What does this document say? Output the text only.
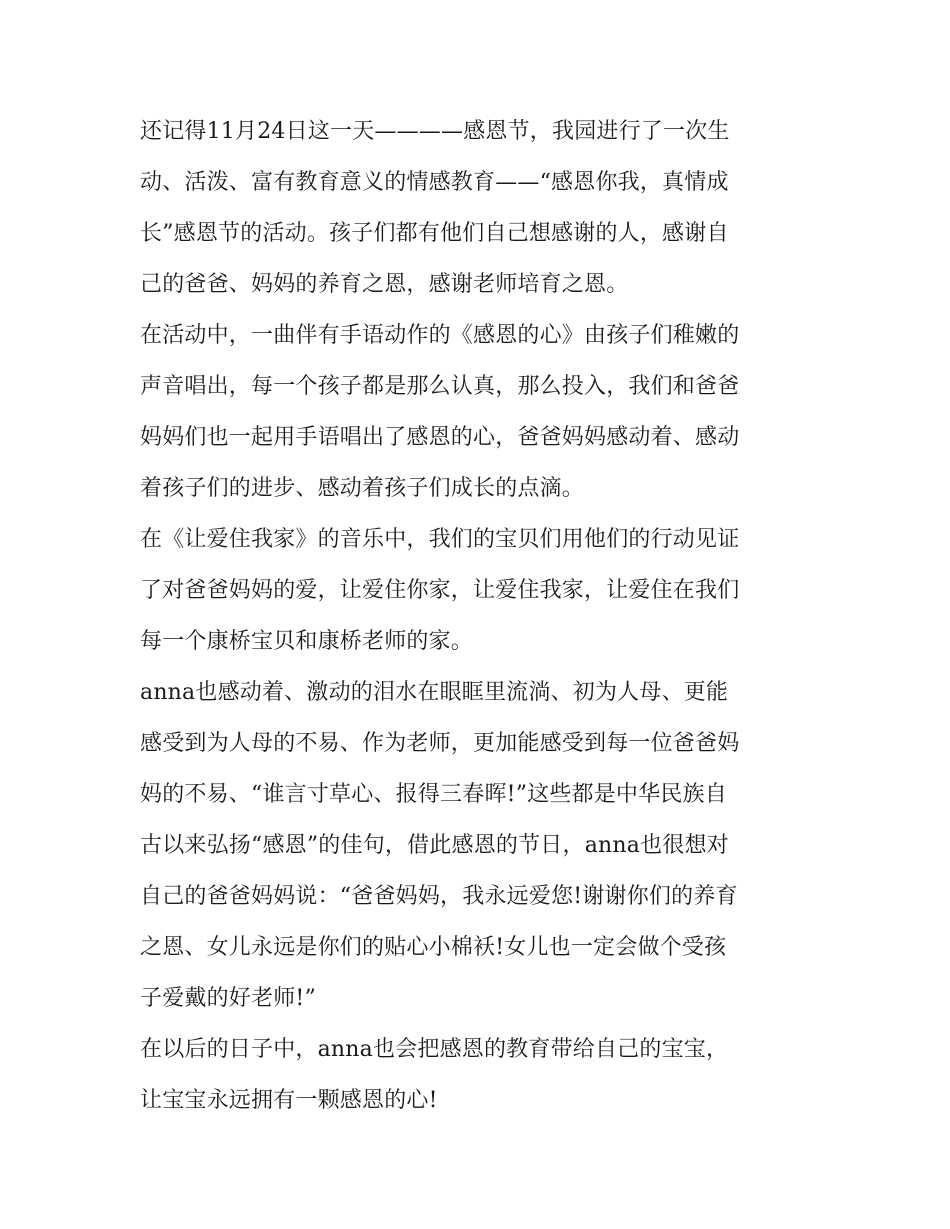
还记得11月24日这一天————感恩节，我园进行了一次生
动、活泼、富有教育意义的情感教育——“感恩你我，真情成
长”感恩节的活动。孩子们都有他们自己想感谢的人，感谢自
己的爸爸、妈妈的养育之恩，感谢老师培育之恩。
在活动中，一曲伴有手语动作的《感恩的心》由孩子们稚嫩的
声音唱出，每一个孩子都是那么认真，那么投入，我们和爸爸
妈妈们也一起用手语唱出了感恩的心，爸爸妈妈感动着、感动
着孩子们的进步、感动着孩子们成长的点滴。
在《让爱住我家》的音乐中，我们的宝贝们用他们的行动见证
了对爸爸妈妈的爱，让爱住你家，让爱住我家，让爱住在我们
每一个康桥宝贝和康桥老师的家。
anna也感动着、激动的泪水在眼眶里流淌、初为人母、更能
感受到为人母的不易、作为老师，更加能感受到每一位爸爸妈
妈的不易、“谁言寸草心、报得三春晖!”这些都是中华民族自
古以来弘扬“感恩”的佳句，借此感恩的节日，anna也很想对
自己的爸爸妈妈说：“爸爸妈妈，我永远爱您!谢谢你们的养育
之恩、女儿永远是你们的贴心小棉袄!女儿也一定会做个受孩
子爱戴的好老师!”
在以后的日子中，anna也会把感恩的教育带给自己的宝宝，
让宝宝永远拥有一颗感恩的心!
